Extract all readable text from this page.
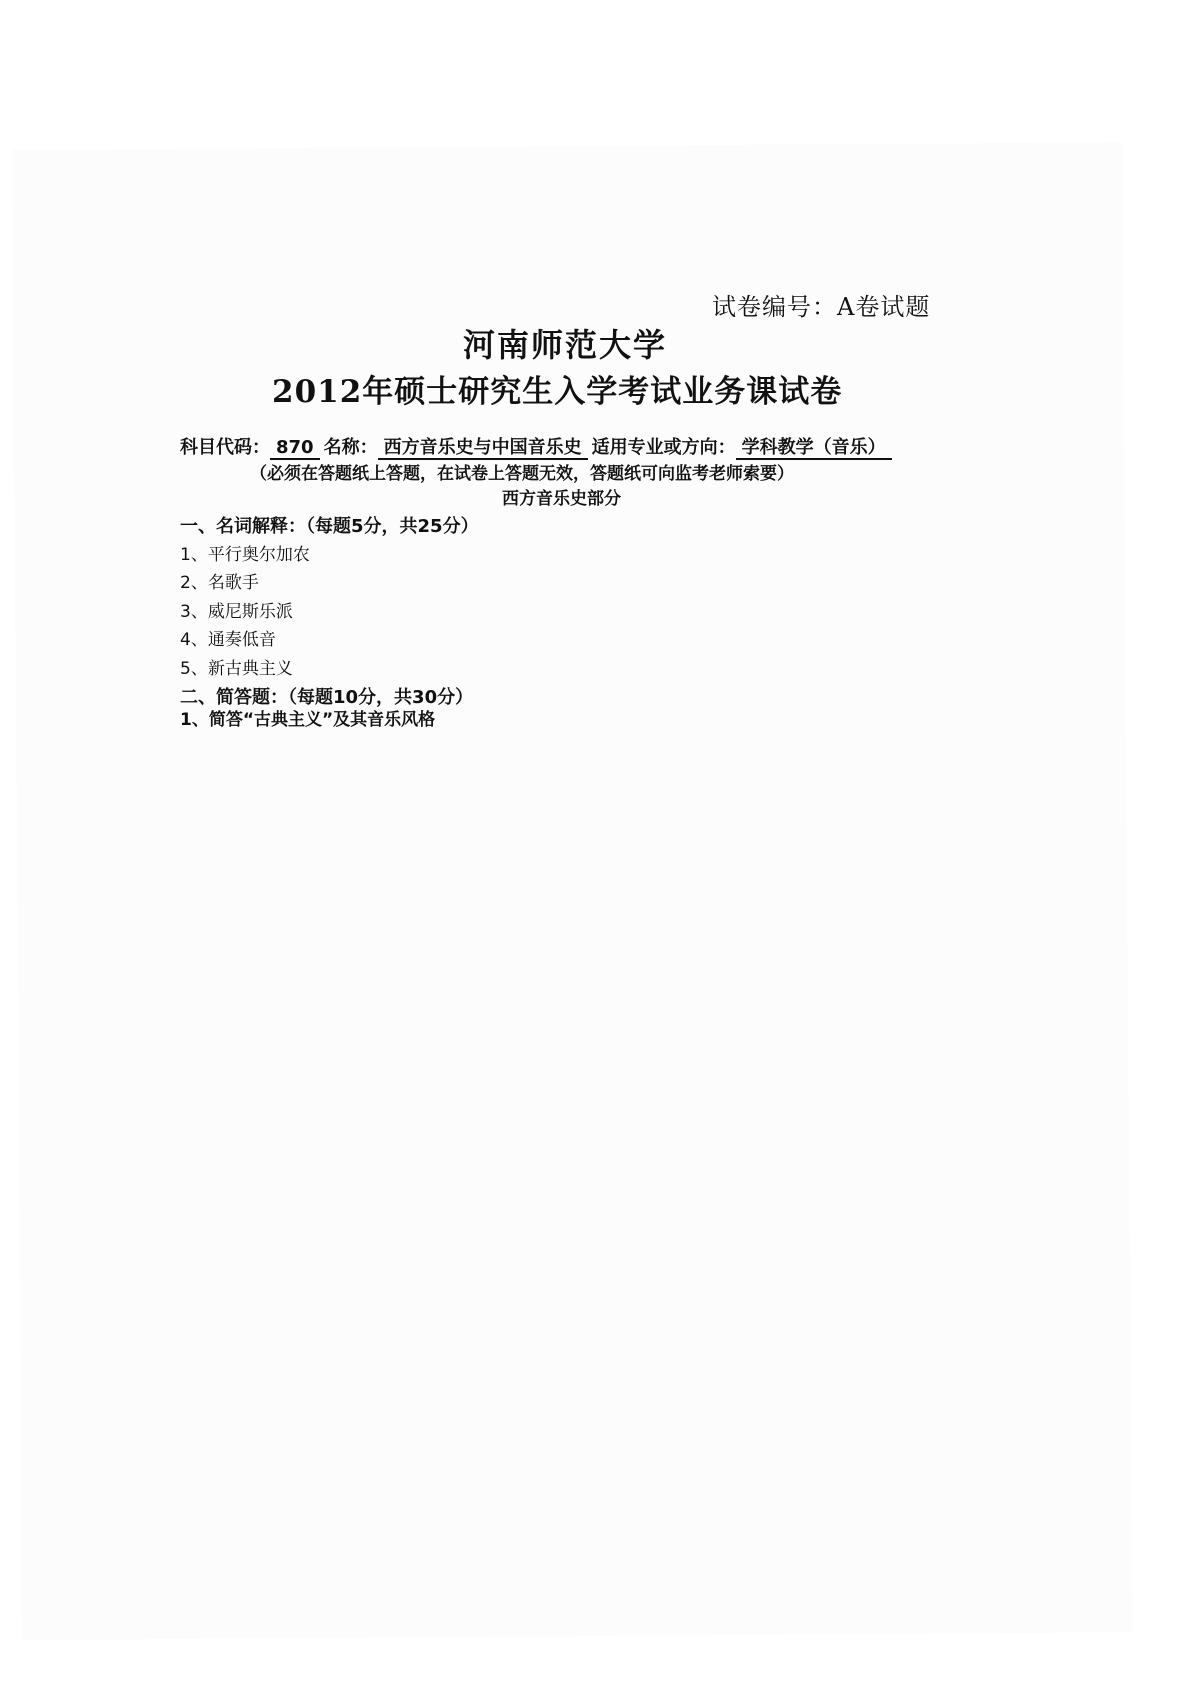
试卷编号：A卷试题
河南师范大学
2012年硕士研究生入学考试业务课试卷
科目代码： 870 名称： 西方音乐史与中国音乐史 适用专业或方向： 学科教学（音乐）
（必须在答题纸上答题，在试卷上答题无效，答题纸可向监考老师索要）
西方音乐史部分
一、名词解释：（每题5分，共25分）
1、平行奥尔加农
2、名歌手
3、威尼斯乐派
4、通奏低音
5、新古典主义
二、简答题：（每题10分，共30分）
1、简答“古典主义”及其音乐风格
